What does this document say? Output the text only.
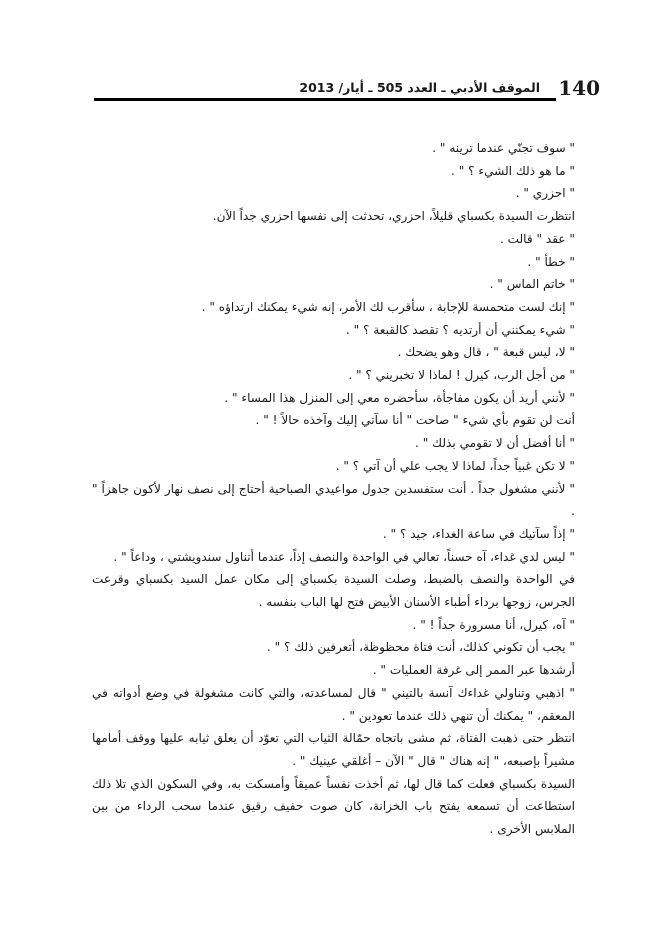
140
الموقف الأدبي ـ العدد 505 ـ أيار/ 2013
" سوف تجنّي عندما ترينه " .
" ما هو ذلك الشيء ؟ " .
" احزري " .
انتظرت السيدة بكسباي قليلاً، احزري، تحدثت إلى نفسها احزري جداً الآن.
" عقد " قالت .
" خطأ " .
" خاتم الماس " .
" إنك لست متحمسة للإجابة ، سأقرب لك الأمر، إنه شيء يمكنك ارتداؤه " .
" شيء يمكنني أن أرتديه ؟ تقصد كالقبعة ؟ " .
" لا، ليس قبعة " ، قال وهو يضحك .
" من أجل الرب، كيرل ! لماذا لا تخبريني ؟ " .
" لأنني أريد أن يكون مفاجأة، سأحضره معي إلى المنزل هذا المساء " .
أنت لن تقوم بأي شيء " صاحت " أنا سآتي إليك وآخذه حالاً ! " .
" أنا أفضل أن لا تقومي بذلك " .
" لا تكن غبياً جداً، لماذا لا يجب علي أن آتي ؟ " .
" لأنني مشغول جداً . أنت ستفسدين جدول مواعيدي الصباحية أحتاج إلى نصف نهار لأكون جاهزاً " .
" إذاً سآتيك في ساعة الغداء، جيد ؟ " .
" ليس لدي غداء، آه حسناً، تعالي في الواحدة والنصف إذاً، عندما أتناول سندويشتي ، وداعاً " .
في الواحدة والنصف بالضبط، وصلت السيدة بكسباي إلى مكان عمل السيد بكسباي وقرعت الجرس، زوجها برداء أطباء الأسنان الأبيض فتح لها الباب بنفسه .
" آه، كيرل، أنا مسرورة جداً ! " .
" يجب أن تكوني كذلك، أنت فتاة محظوظة، أتعرفين ذلك ؟ " .
أرشدها عبر الممر إلى غرفة العمليات " .
" اذهبي وتناولي غداءك آنسة بالتيني " قال لمساعدته، والتي كانت مشغولة في وضع أدواته في المعقم، " يمكنك أن تنهي ذلك عندما تعودين " .
انتظر حتى ذهبت الفتاة، ثم مشى باتجاه حمّالة الثياب التي تعوّد أن يعلق ثيابه عليها ووقف أمامها مشيراً بإصبعه، " إنه هناك " قال " الآن – أغلقي عينيك " .
السيدة بكسباي فعلت كما قال لها، ثم أخذت نفساً عميقاً وأمسكت به، وفي السكون الذي تلا ذلك استطاعت أن تسمعه يفتح باب الخزانة، كان صوت حفيف رقيق عندما سحب الرداء من بين الملابس الأخرى .
